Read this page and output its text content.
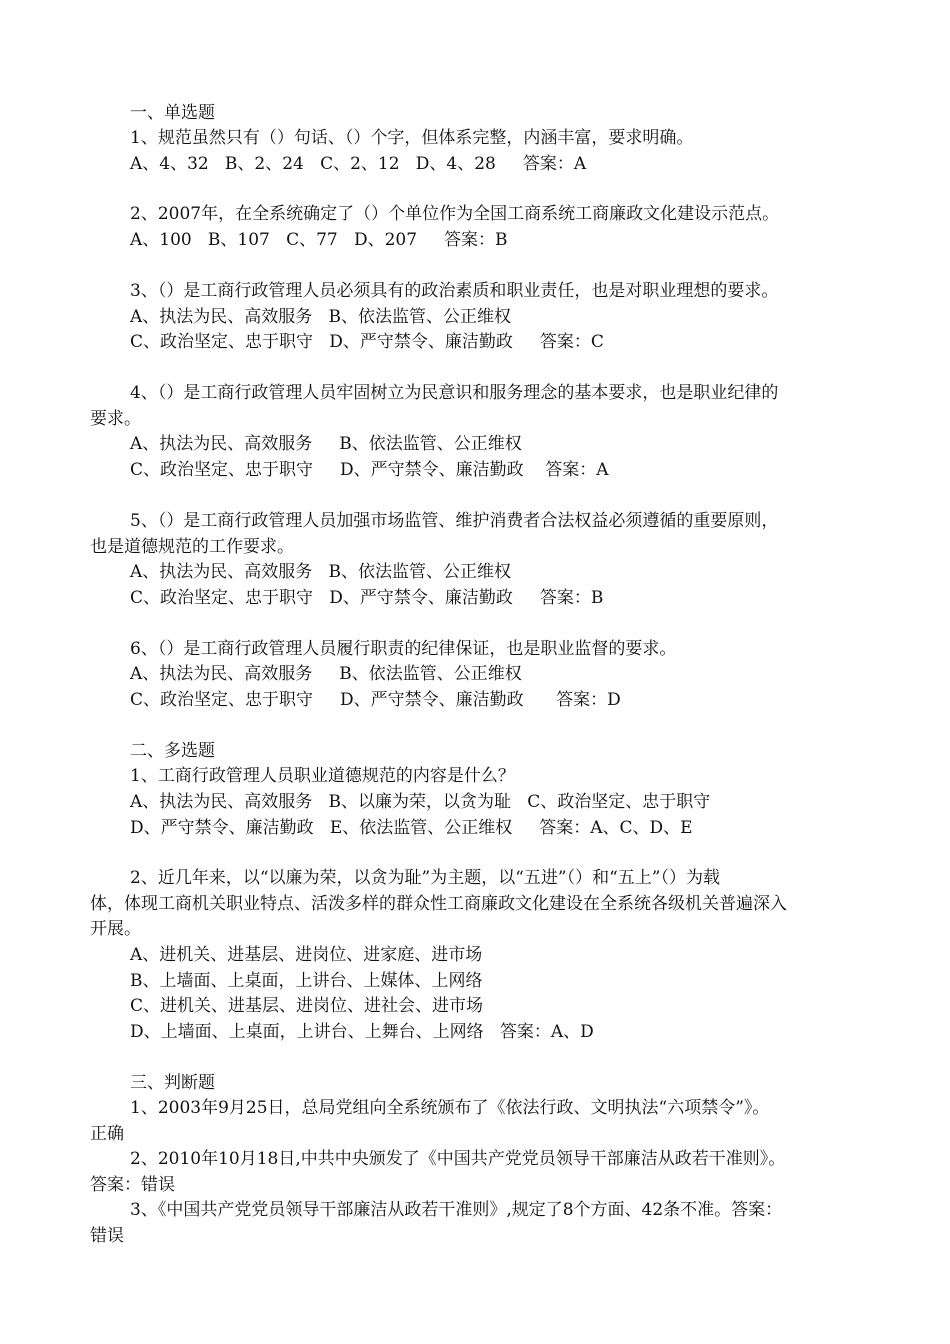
一、单选题

1、规范虽然只有（）句话、（）个字，但体系完整，内涵丰富，要求明确。

A、4、32   B、2、24   C、2、12   D、4、28     答案：A

2、2007年，在全系统确定了（）个单位作为全国工商系统工商廉政文化建设示范点。

A、100   B、107   C、77   D、207     答案：B

3、（）是工商行政管理人员必须具有的政治素质和职业责任，也是对职业理想的要求。

A、执法为民、高效服务   B、依法监管、公正维权

C、政治坚定、忠于职守   D、严守禁令、廉洁勤政     答案：C

4、（）是工商行政管理人员牢固树立为民意识和服务理念的基本要求，也是职业纪律的

要求。

A、执法为民、高效服务     B、依法监管、公正维权

C、政治坚定、忠于职守     D、严守禁令、廉洁勤政    答案：A

5、（）是工商行政管理人员加强市场监管、维护消费者合法权益必须遵循的重要原则，

也是道德规范的工作要求。

A、执法为民、高效服务   B、依法监管、公正维权

C、政治坚定、忠于职守   D、严守禁令、廉洁勤政     答案：B

6、（）是工商行政管理人员履行职责的纪律保证，也是职业监督的要求。

A、执法为民、高效服务     B、依法监管、公正维权

C、政治坚定、忠于职守     D、严守禁令、廉洁勤政      答案：D

二、多选题

1、工商行政管理人员职业道德规范的内容是什么？

A、执法为民、高效服务   B、以廉为荣，以贪为耻   C、政治坚定、忠于职守

D、严守禁令、廉洁勤政   E、依法监管、公正维权     答案：A、C、D、E

2、近几年来，以“以廉为荣，以贪为耻”为主题，以“五进”（）和“五上”（）为载

体，体现工商机关职业特点、活泼多样的群众性工商廉政文化建设在全系统各级机关普遍深入

开展。

A、进机关、进基层、进岗位、进家庭、进市场

B、上墙面、上桌面，上讲台、上媒体、上网络

C、进机关、进基层、进岗位、进社会、进市场

D、上墙面、上桌面，上讲台、上舞台、上网络   答案：A、D

三、判断题

1、2003年9月25日，总局党组向全系统颁布了《依法行政、文明执法“六项禁令”》。

正确

2、2010年10月18日,中共中央颁发了《中国共产党党员领导干部廉洁从政若干准则》。

答案：错误

3、《中国共产党党员领导干部廉洁从政若干准则》,规定了8个方面、42条不准。答案：

错误
